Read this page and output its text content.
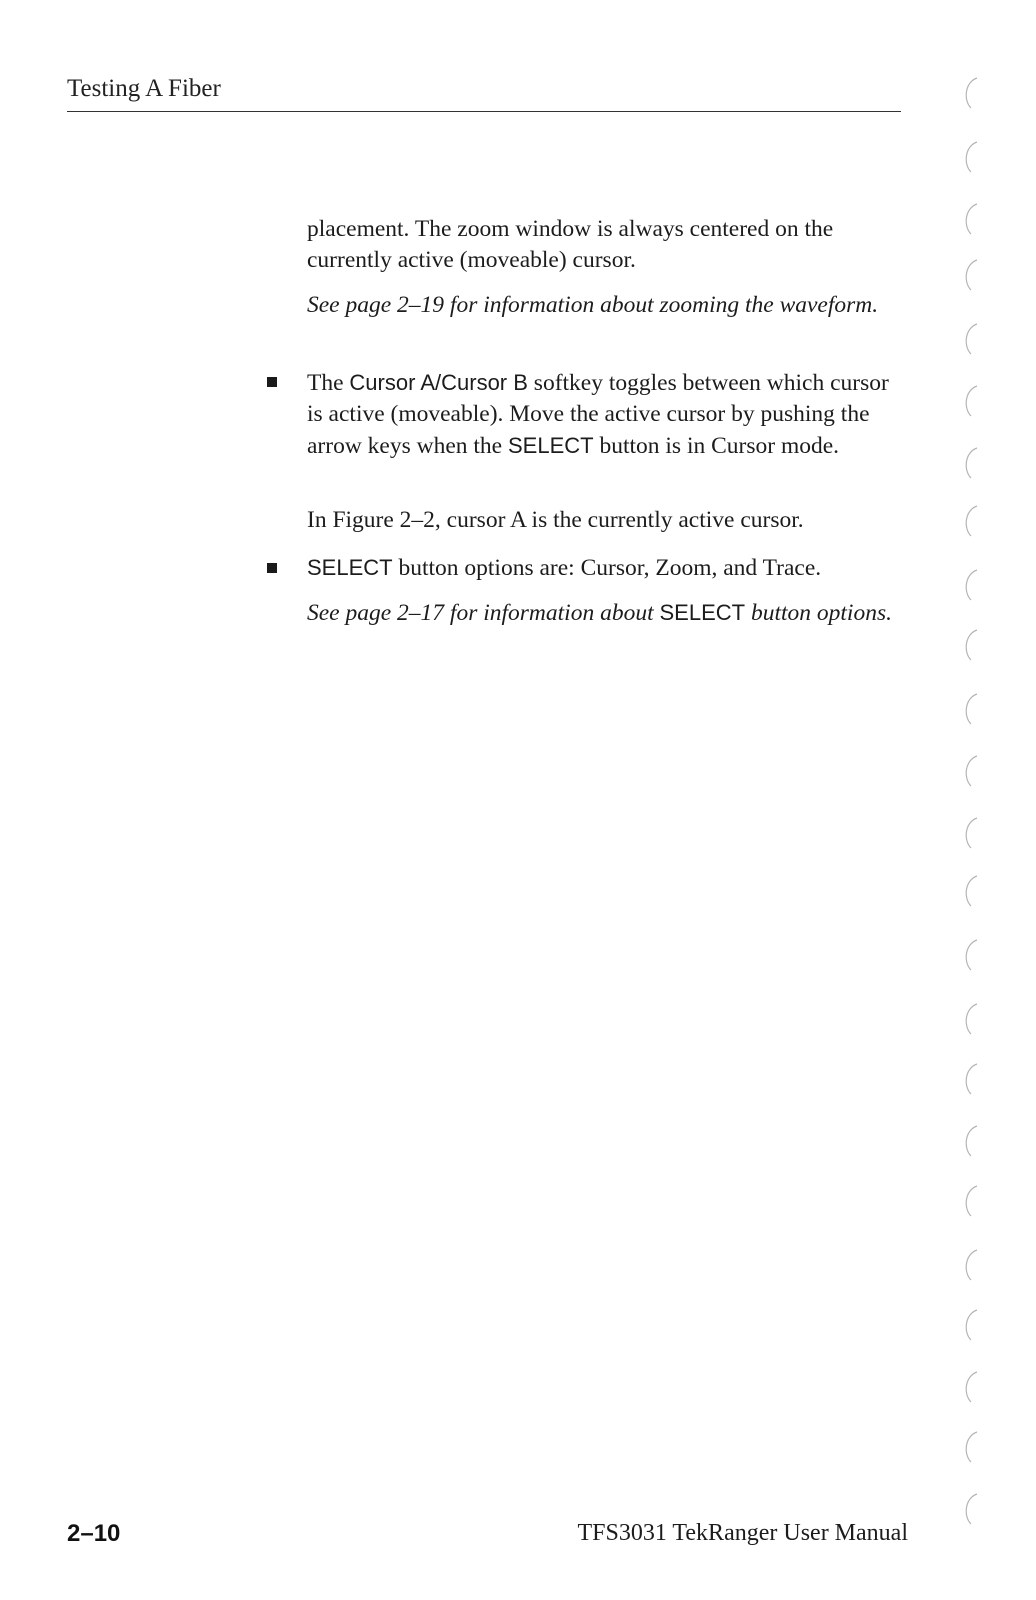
Testing A Fiber
placement. The zoom window is always centered on the currently active (moveable) cursor.
See page 2–19 for information about zooming the waveform.
The Cursor A/Cursor B softkey toggles between which cursor is active (moveable). Move the active cursor by pushing the arrow keys when the SELECT button is in Cursor mode.
In Figure 2–2, cursor A is the currently active cursor.
SELECT button options are: Cursor, Zoom, and Trace.
See page 2–17 for information about SELECT button options.
2–10	TFS3031 TekRanger User Manual
